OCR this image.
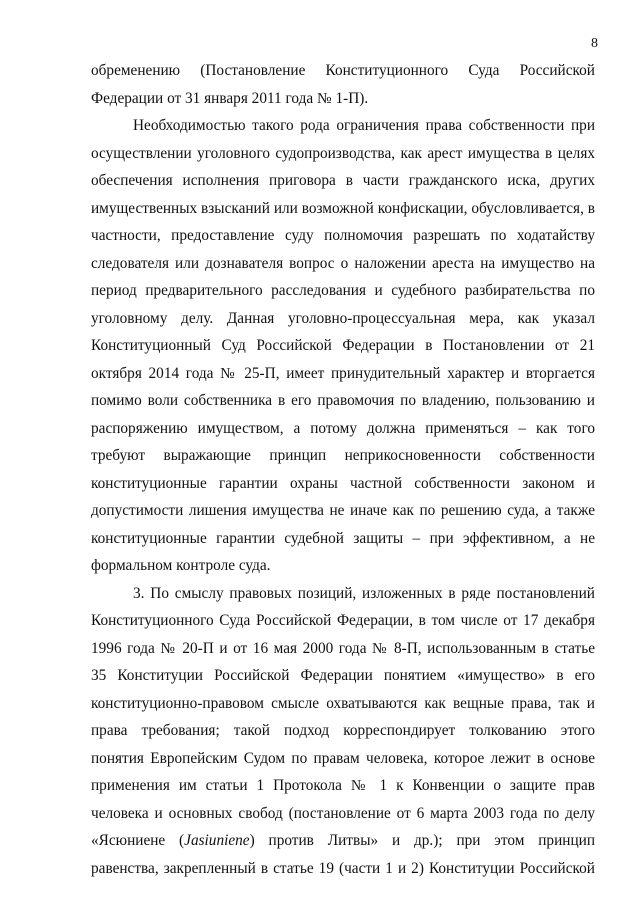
8
обременению (Постановление Конституционного Суда Российской
Федерации от 31 января 2011 года № 1-П).
Необходимостью такого рода ограничения права собственности при
осуществлении уголовного судопроизводства, как арест имущества в целях
обеспечения исполнения приговора в части гражданского иска, других
имущественных взысканий или возможной конфискации, обусловливается, в
частности, предоставление суду полномочия разрешать по ходатайству
следователя или дознавателя вопрос о наложении ареста на имущество на
период предварительного расследования и судебного разбирательства по
уголовному делу. Данная уголовно-процессуальная мера, как указал
Конституционный Суд Российской Федерации в Постановлении от 21
октября 2014 года № 25-П, имеет принудительный характер и вторгается
помимо воли собственника в его правомочия по владению, пользованию и
распоряжению имуществом, а потому должна применяться – как того
требуют выражающие принцип неприкосновенности собственности
конституционные гарантии охраны частной собственности законом и
допустимости лишения имущества не иначе как по решению суда, а также
конституционные гарантии судебной защиты – при эффективном, а не
формальном контроле суда.
3. По смыслу правовых позиций, изложенных в ряде постановлений
Конституционного Суда Российской Федерации, в том числе от 17 декабря
1996 года № 20-П и от 16 мая 2000 года № 8-П, использованным в статье
35 Конституции Российской Федерации понятием «имущество» в его
конституционно-правовом смысле охватываются как вещные права, так и
права требования; такой подход корреспондирует толкованию этого
понятия Европейским Судом по правам человека, которое лежит в основе
применения им статьи 1 Протокола № 1 к Конвенции о защите прав
человека и основных свобод (постановление от 6 марта 2003 года по делу
«Ясюниене (Jasiuniene) против Литвы» и др.); при этом принцип
равенства, закрепленный в статье 19 (части 1 и 2) Конституции Российской
